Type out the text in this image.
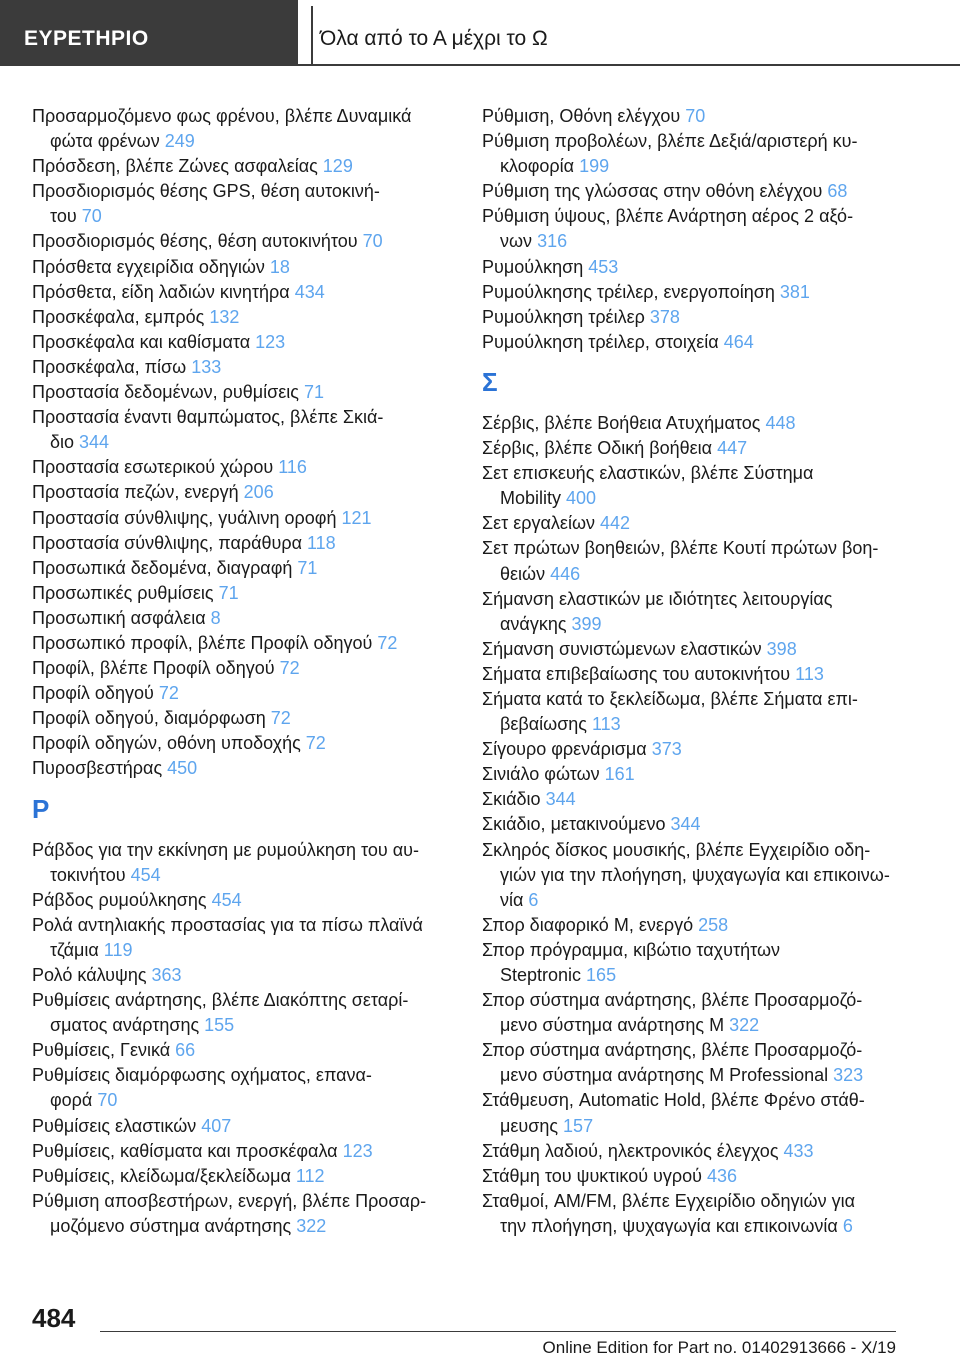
ΕΥΡΕΤΗΡΙΟ	Όλα από το Α μέχρι το Ω
Προσαρμοζόμενο φως φρένου, βλέπε Δυναμικά
φώτα φρένων 249
Πρόσδεση, βλέπε Ζώνες ασφαλείας 129
Προσδιορισμός θέσης GPS, θέση αυτοκινή‐
του 70
Προσδιορισμός θέσης, θέση αυτοκινήτου 70
Πρόσθετα εγχειρίδια οδηγιών 18
Πρόσθετα, είδη λαδιών κινητήρα 434
Προσκέφαλα, εμπρός 132
Προσκέφαλα και καθίσματα 123
Προσκέφαλα, πίσω 133
Προστασία δεδομένων, ρυθμίσεις 71
Προστασία έναντι θαμπώματος, βλέπε Σκιά‐
διο 344
Προστασία εσωτερικού χώρου 116
Προστασία πεζών, ενεργή 206
Προστασία σύνθλιψης, γυάλινη οροφή 121
Προστασία σύνθλιψης, παράθυρα 118
Προσωπικά δεδομένα, διαγραφή 71
Προσωπικές ρυθμίσεις 71
Προσωπική ασφάλεια 8
Προσωπικό προφίλ, βλέπε Προφίλ οδηγού 72
Προφίλ, βλέπε Προφίλ οδηγού 72
Προφίλ οδηγού 72
Προφίλ οδηγού, διαμόρφωση 72
Προφίλ οδηγών, οθόνη υποδοχής 72
Πυροσβεστήρας 450
Ρ
Ράβδος για την εκκίνηση με ρυμούλκηση του αυ‐
τοκινήτου 454
Ράβδος ρυμούλκησης 454
Ρολά αντηλιακής προστασίας για τα πίσω πλαϊνά
τζάμια 119
Ρολό κάλυψης 363
Ρυθμίσεις ανάρτησης, βλέπε Διακόπτης σεταρί‐
σματος ανάρτησης 155
Ρυθμίσεις, Γενικά 66
Ρυθμίσεις διαμόρφωσης οχήματος, επανα‐
φορά 70
Ρυθμίσεις ελαστικών 407
Ρυθμίσεις, καθίσματα και προσκέφαλα 123
Ρυθμίσεις, κλείδωμα/ξεκλείδωμα 112
Ρύθμιση αποσβεστήρων, ενεργή, βλέπε Προσαρ‐
μοζόμενο σύστημα ανάρτησης 322
Ρύθμιση, Οθόνη ελέγχου 70
Ρύθμιση προβολέων, βλέπε Δεξιά/αριστερή κυ‐
κλοφορία 199
Ρύθμιση της γλώσσας στην οθόνη ελέγχου 68
Ρύθμιση ύψους, βλέπε Ανάρτηση αέρος 2 αξό‐
νων 316
Ρυμούλκηση 453
Ρυμούλκησης τρέιλερ, ενεργοποίηση 381
Ρυμούλκηση τρέιλερ 378
Ρυμούλκηση τρέιλερ, στοιχεία 464
Σ
Σέρβις, βλέπε Βοήθεια Ατυχήματος 448
Σέρβις, βλέπε Οδική βοήθεια 447
Σετ επισκευής ελαστικών, βλέπε Σύστημα
Mobility 400
Σετ εργαλείων 442
Σετ πρώτων βοηθειών, βλέπε Κουτί πρώτων βοη‐
θειών 446
Σήμανση ελαστικών με ιδιότητες λειτουργίας
ανάγκης 399
Σήμανση συνιστώμενων ελαστικών 398
Σήματα επιβεβαίωσης του αυτοκινήτου 113
Σήματα κατά το ξεκλείδωμα, βλέπε Σήματα επι‐
βεβαίωσης 113
Σίγουρο φρενάρισμα 373
Σινιάλο φώτων 161
Σκιάδιο 344
Σκιάδιο, μετακινούμενο 344
Σκληρός δίσκος μουσικής, βλέπε Εγχειρίδιο οδη‐
γιών για την πλοήγηση, ψυχαγωγία και επικοινω‐
νία 6
Σπορ διαφορικό M, ενεργό 258
Σπορ πρόγραμμα, κιβώτιο ταχυτήτων
Steptronic 165
Σπορ σύστημα ανάρτησης, βλέπε Προσαρμοζό‐
μενο σύστημα ανάρτησης M 322
Σπορ σύστημα ανάρτησης, βλέπε Προσαρμοζό‐
μενο σύστημα ανάρτησης M Professional 323
Στάθμευση, Automatic Hold, βλέπε Φρένο στάθ‐
μευσης 157
Στάθμη λαδιού, ηλεκτρονικός έλεγχος 433
Στάθμη του ψυκτικού υγρού 436
Σταθμοί, AM/FM, βλέπε Εγχειρίδιο οδηγιών για
την πλοήγηση, ψυχαγωγία και επικοινωνία 6
484
Online Edition for Part no. 01402913666 - X/19
